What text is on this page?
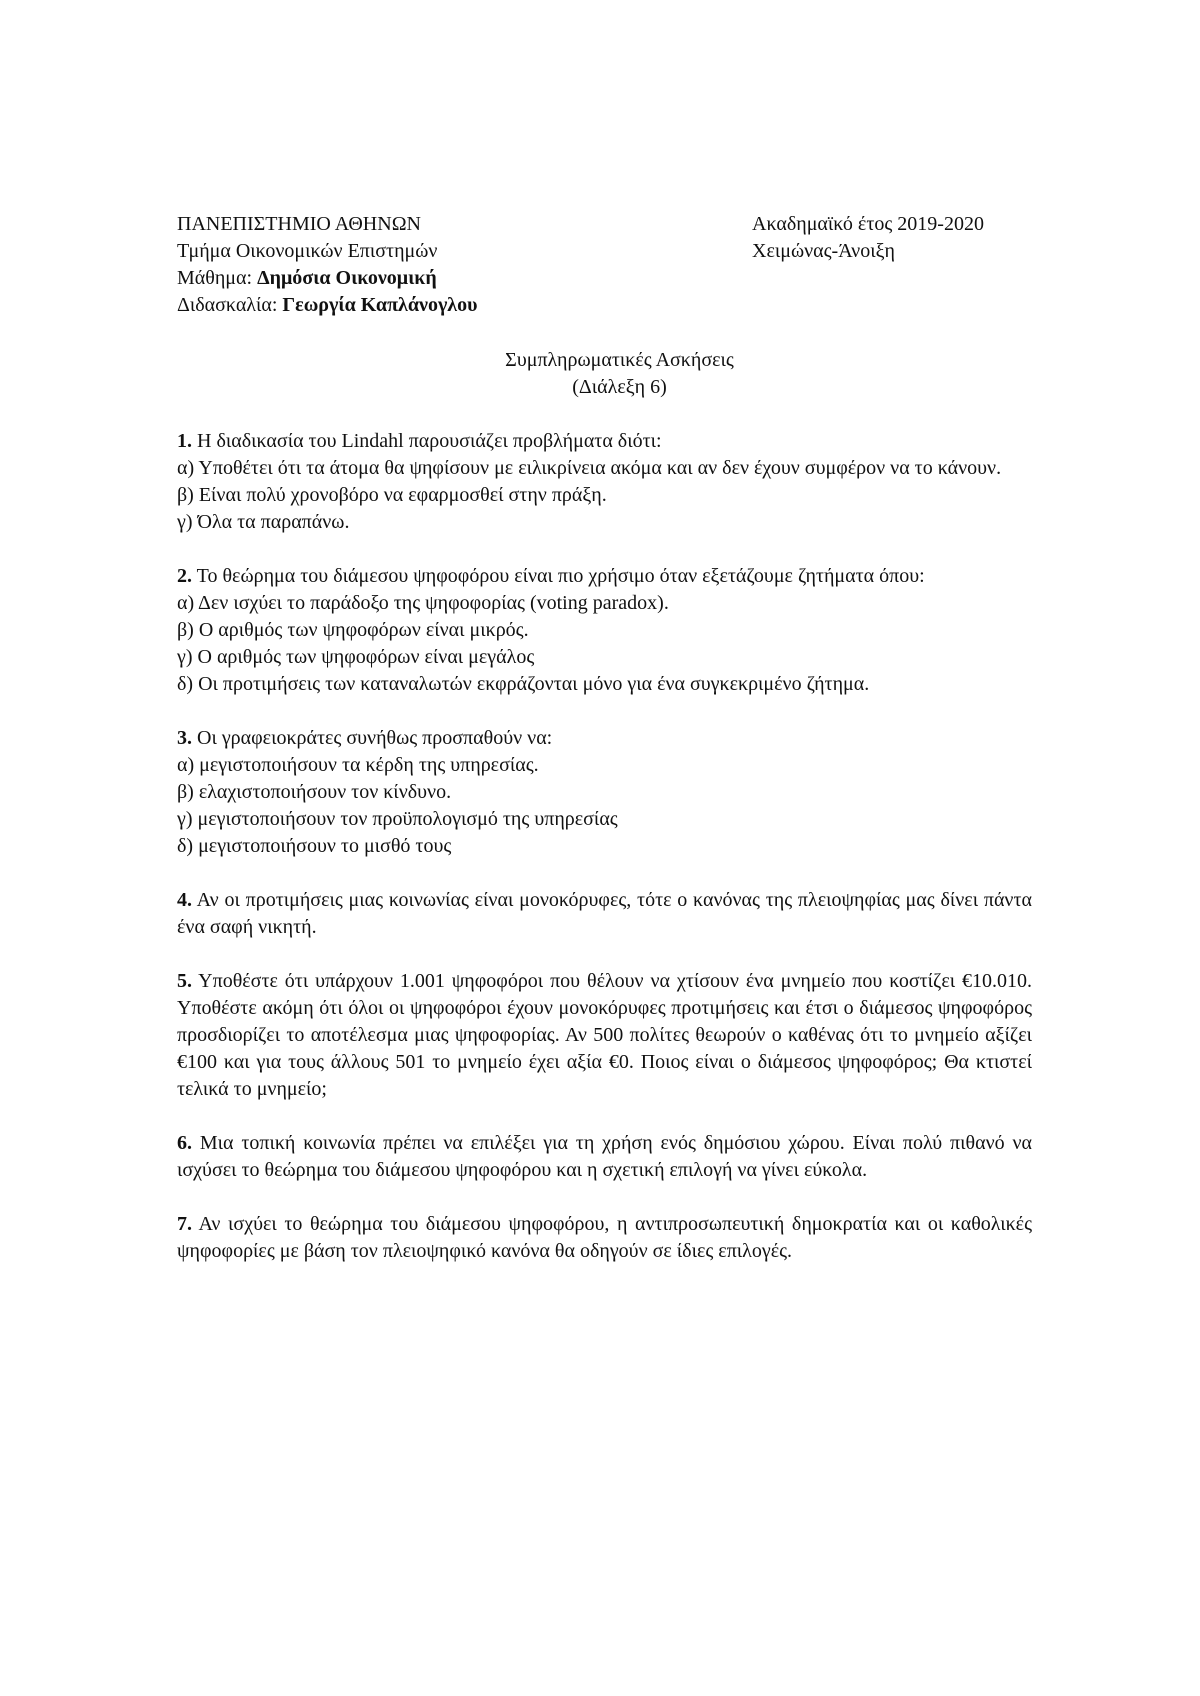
ΠΑΝΕΠΙΣΤΗΜΙΟ ΑΘΗΝΩΝ
Τμήμα Οικονομικών Επιστημών
Μάθημα: Δημόσια Οικονομική
Διδασκαλία: Γεωργία Καπλάνογλου
Ακαδημαϊκό έτος 2019-2020
Χειμώνας-Άνοιξη
Συμπληρωματικές Ασκήσεις
(Διάλεξη 6)
1. Η διαδικασία του Lindahl παρουσιάζει προβλήματα διότι:
α) Υποθέτει ότι τα άτομα θα ψηφίσουν με ειλικρίνεια ακόμα και αν δεν έχουν συμφέρον να το κάνουν.
β) Είναι πολύ χρονοβόρο να εφαρμοσθεί στην πράξη.
γ) Όλα τα παραπάνω.
2. Το θεώρημα του διάμεσου ψηφοφόρου είναι πιο χρήσιμο όταν εξετάζουμε ζητήματα όπου:
α) Δεν ισχύει το παράδοξο της ψηφοφορίας (voting paradox).
β) Ο αριθμός των ψηφοφόρων είναι μικρός.
γ) Ο αριθμός των ψηφοφόρων είναι μεγάλος
δ) Οι προτιμήσεις των καταναλωτών εκφράζονται μόνο για ένα συγκεκριμένο ζήτημα.
3. Οι γραφειοκράτες συνήθως προσπαθούν να:
α) μεγιστοποιήσουν τα κέρδη της υπηρεσίας.
β) ελαχιστοποιήσουν τον κίνδυνο.
γ) μεγιστοποιήσουν τον προϋπολογισμό της υπηρεσίας
δ) μεγιστοποιήσουν το μισθό τους
4. Αν οι προτιμήσεις μιας κοινωνίας είναι μονοκόρυφες, τότε ο κανόνας της πλειοψηφίας μας δίνει πάντα ένα σαφή νικητή.
5. Υποθέστε ότι υπάρχουν 1.001 ψηφοφόροι που θέλουν να χτίσουν ένα μνημείο που κοστίζει €10.010. Υποθέστε ακόμη ότι όλοι οι ψηφοφόροι έχουν μονοκόρυφες προτιμήσεις και έτσι ο διάμεσος ψηφοφόρος προσδιορίζει το αποτέλεσμα μιας ψηφοφορίας. Αν 500 πολίτες θεωρούν ο καθένας ότι το μνημείο αξίζει €100 και για τους άλλους 501 το μνημείο έχει αξία €0. Ποιος είναι ο διάμεσος ψηφοφόρος; Θα κτιστεί τελικά το μνημείο;
6. Μια τοπική κοινωνία πρέπει να επιλέξει για τη χρήση ενός δημόσιου χώρου. Είναι πολύ πιθανό να ισχύσει το θεώρημα του διάμεσου ψηφοφόρου και η σχετική επιλογή να γίνει εύκολα.
7. Αν ισχύει το θεώρημα του διάμεσου ψηφοφόρου, η αντιπροσωπευτική δημοκρατία και οι καθολικές ψηφοφορίες με βάση τον πλειοψηφικό κανόνα θα οδηγούν σε ίδιες επιλογές.
